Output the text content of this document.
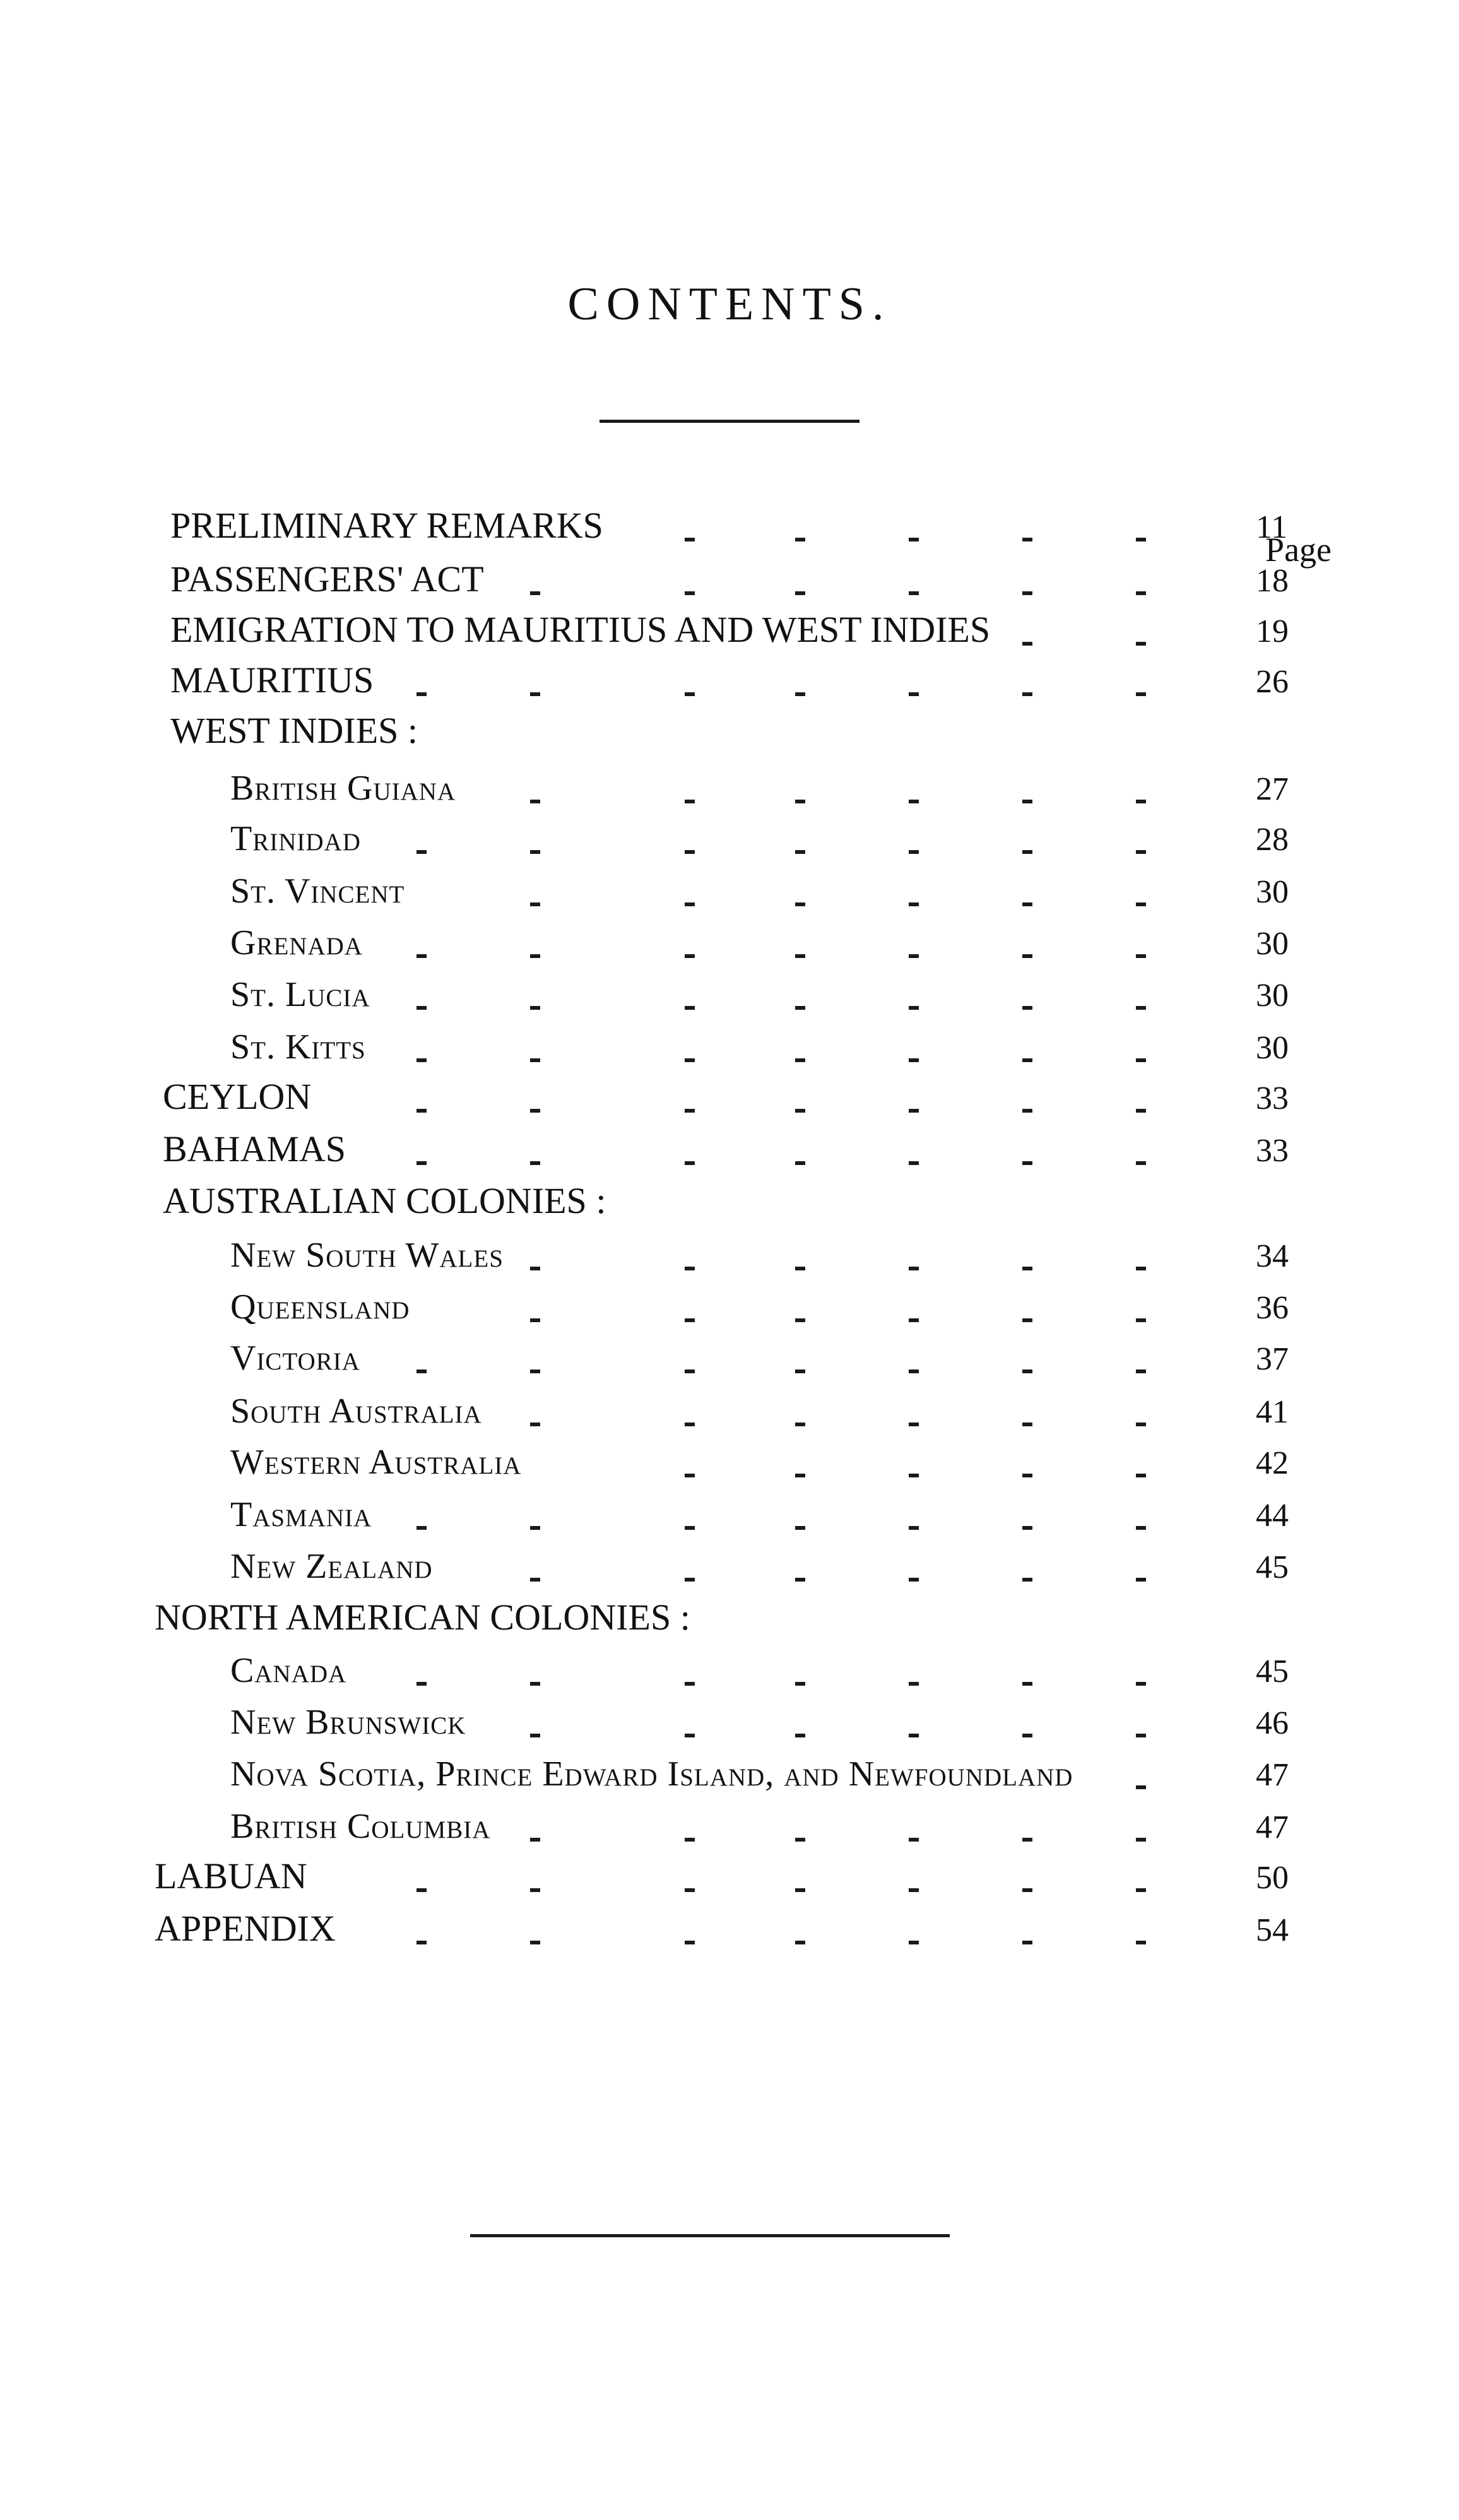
CONTENTS.
Page
PRELIMINARY REMARKS	11
PASSENGERS' ACT	18
EMIGRATION TO MAURITIUS AND WEST INDIES	19
MAURITIUS	26
WEST INDIES :
British Guiana	27
Trinidad	28
St. Vincent	30
Grenada	30
St. Lucia	30
St. Kitts	30
CEYLON	33
BAHAMAS	33
AUSTRALIAN COLONIES :
New South Wales	34
Queensland	36
Victoria	37
South Australia	41
Western Australia	42
Tasmania	44
New Zealand	45
NORTH AMERICAN COLONIES :
Canada	45
New Brunswick	46
Nova Scotia, Prince Edward Island, and Newfoundland	47
British Columbia	47
LABUAN	50
APPENDIX	54
